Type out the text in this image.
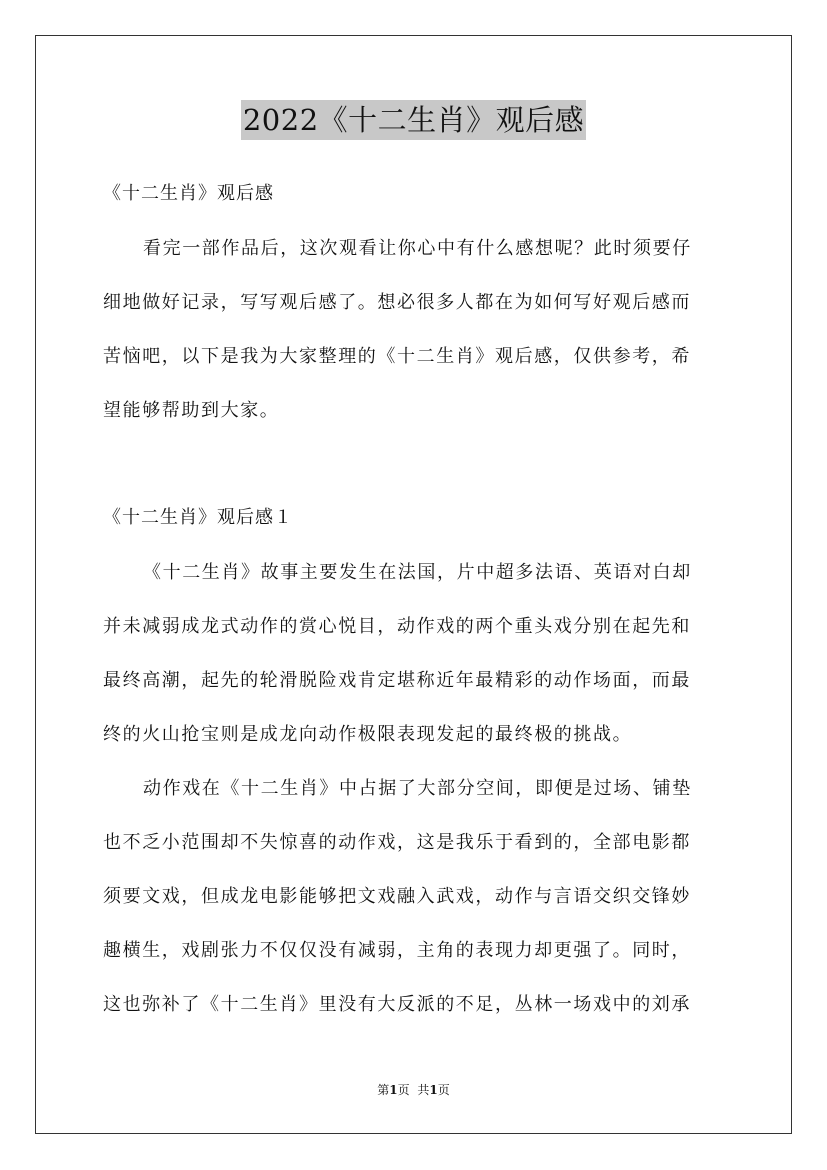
2022《十二生肖》观后感
《十二生肖》观后感

看完一部作品后，这次观看让你心中有什么感想呢？此时须要仔
细地做好记录，写写观后感了。想必很多人都在为如何写好观后感而
苦恼吧，以下是我为大家整理的《十二生肖》观后感，仅供参考，希
望能够帮助到大家。

《十二生肖》观后感１

《十二生肖》故事主要发生在法国，片中超多法语、英语对白却
并未减弱成龙式动作的赏心悦目，动作戏的两个重头戏分别在起先和
最终高潮，起先的轮滑脱险戏肯定堪称近年最精彩的动作场面，而最
终的火山抢宝则是成龙向动作极限表现发起的最终极的挑战。

动作戏在《十二生肖》中占据了大部分空间，即便是过场、铺垫
也不乏小范围却不失惊喜的动作戏，这是我乐于看到的，全部电影都
须要文戏，但成龙电影能够把文戏融入武戏，动作与言语交织交锋妙
趣横生，戏剧张力不仅仅没有减弱，主角的表现力却更强了。同时，
这也弥补了《十二生肖》里没有大反派的不足，丛林一场戏中的刘承

第1页 共1页
